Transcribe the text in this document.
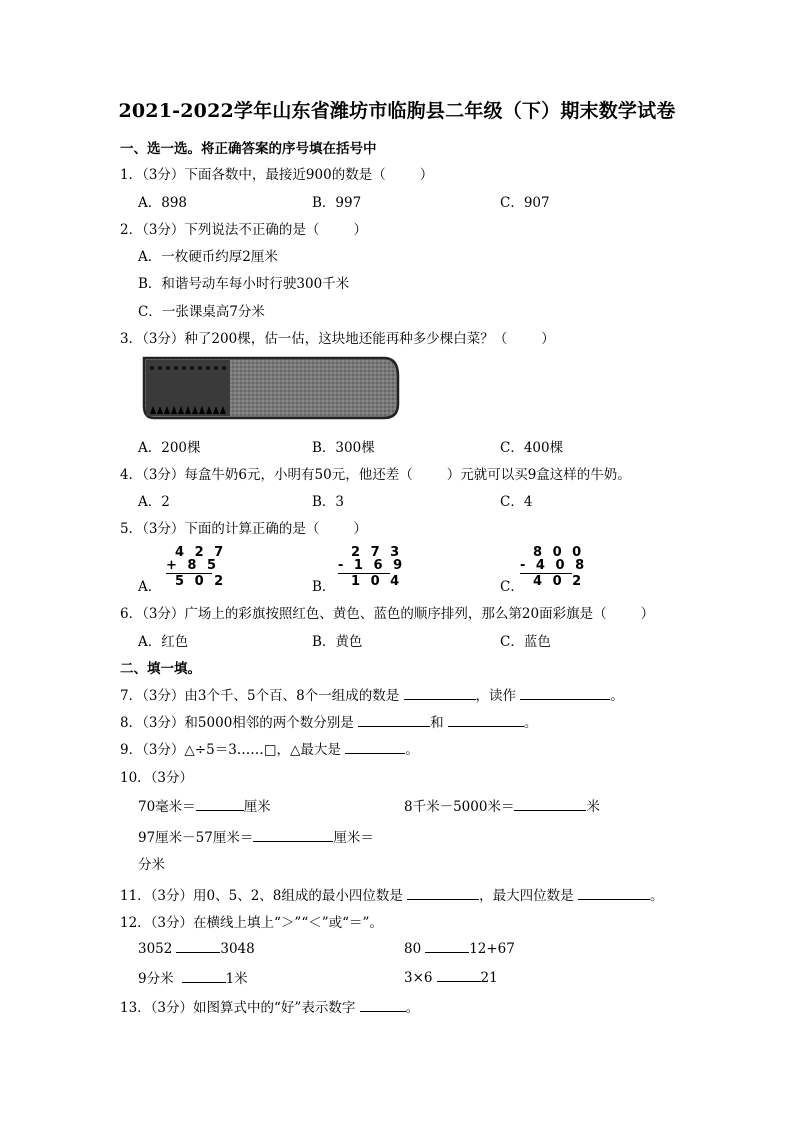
2021-2022学年山东省潍坊市临朐县二年级（下）期末数学试卷
一、选一选。将正确答案的序号填在括号中
1．（3分）下面各数中，最接近900的数是（	）
A．898	B．997	C．907
2．（3分）下列说法不正确的是（	）
A．一枚硬币约厚2厘米
B．和谐号动车每小时行驶300千米
C．一张课桌高7分米
3．（3分）种了200棵，估一估，这块地还能再种多少棵白菜？（	）
A．200棵	B．300棵	C．400棵
4．（3分）每盒牛奶6元，小明有50元，他还差（	）元就可以买9盒这样的牛奶。
A．2	B．3	C．4
5．（3分）下面的计算正确的是（	）
A．
4 2 7
+ 8 5
5 0 2	B．
2 7 3
- 1 6 9
1 0 4	C．
8 0 0
- 4 0 8
4 0 2
6．（3分）广场上的彩旗按照红色、黄色、蓝色的顺序排列，那么第20面彩旗是（	）
A．红色	B．黄色	C．蓝色
二、填一填。
7．（3分）由3个千、5个百、8个一组成的数是	，读作	。
8．（3分）和5000相邻的两个数分别是	和	。
9．（3分）△÷5＝3……□，△最大是	。
10．（3分）
70毫米＝	厘米	8千米－5000米＝	米
97厘米－57厘米＝	厘米＝
分米
11．（3分）用0、5、2、8组成的最小四位数是	，最大四位数是	。
12．（3分）在横线上填上“＞”“＜”或“＝”。
3052	3048	80	12+67
9分米	1米	3×6	21
13．（3分）如图算式中的“好”表示数字	。
